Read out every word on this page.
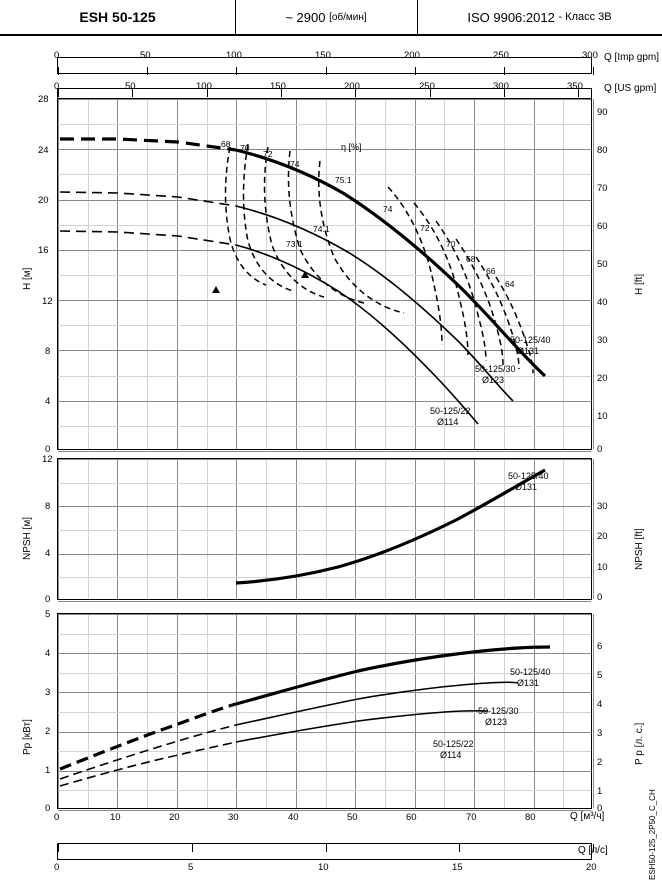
ESH 50-125	~ 2900
[об/мин]	ISO 9906:2012
- Класс 3B
0	50	100	150	200	250	300 Q [Imp gpm]
0	50	100	150	200	250	300	350 Q [US gpm]
68 70
72
74
75.1
74.1
73.1
74
72
70
68
66
64
η [%]
50-125/40
Ø131
50-125/30
Ø123
50-125/22
Ø114
28
24
20
16
12
8
4
0
H [м]
90
80
70
60
50
40
30
20
10
0
H [ft]
50-125/40
Ø131
12
8
4
0
NPSH [м]
30
20
10
0
NPSH [ft]
50-125/40
Ø131
50-125/30
Ø123
50-125/22
Ø114
5
4
3
2
1
0
Pp [кВт]
6
5
4
3
2
1
0
P p [л. с.]
0	10	20	30	40	50	60	70	80	Q [м³/ч]
0	5	10	15	20
Q [л/c]	ESH50-125_2P50_C_CH
